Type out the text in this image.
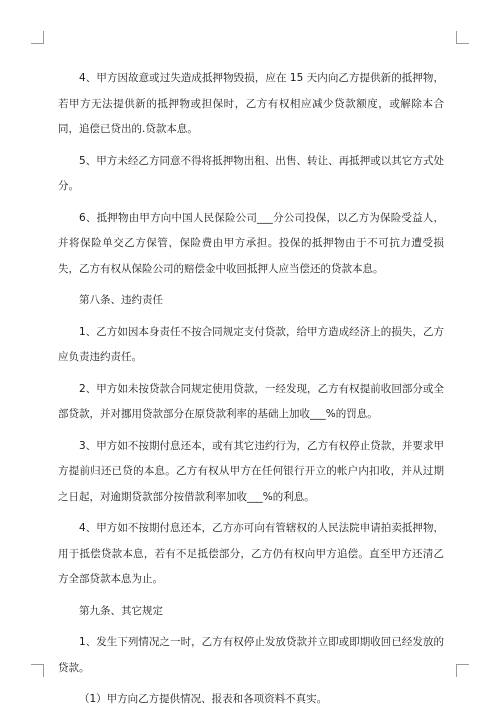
4、甲方因故意或过失造成抵押物毁损，应在 15 天内向乙方提供新的抵押物，若甲方无法提供新的抵押物或担保时，乙方有权相应减少贷款额度，或解除本合同，追偿已贷出的.贷款本息。

5、甲方未经乙方同意不得将抵押物出租、出售、转让、再抵押或以其它方式处分。

6、抵押物由甲方向中国人民保险公司___分公司投保，以乙方为保险受益人，并将保险单交乙方保管，保险费由甲方承担。投保的抵押物由于不可抗力遭受损失，乙方有权从保险公司的赔偿金中收回抵押人应当偿还的贷款本息。

第八条、违约责任

1、乙方如因本身责任不按合同规定支付贷款，给甲方造成经济上的损失，乙方应负责违约责任。

2、甲方如未按贷款合同规定使用贷款，一经发现，乙方有权提前收回部分或全部贷款，并对挪用贷款部分在原贷款利率的基础上加收___%的罚息。

3、甲方如不按期付息还本，或有其它违约行为，乙方有权停止贷款，并要求甲方提前归还已贷的本息。乙方有权从甲方在任何银行开立的帐户内扣收，并从过期之日起，对逾期贷款部分按借款利率加收___%的利息。

4、甲方如不按期付息还本，乙方亦可向有管辖权的人民法院申请拍卖抵押物，用于抵偿贷款本息，若有不足抵偿部分，乙方仍有权向甲方追偿。直至甲方还清乙方全部贷款本息为止。

第九条、其它规定

1、发生下列情况之一时，乙方有权停止发放贷款并立即或即期收回已经发放的贷款。

（1）甲方向乙方提供情况、报表和各项资料不真实。
